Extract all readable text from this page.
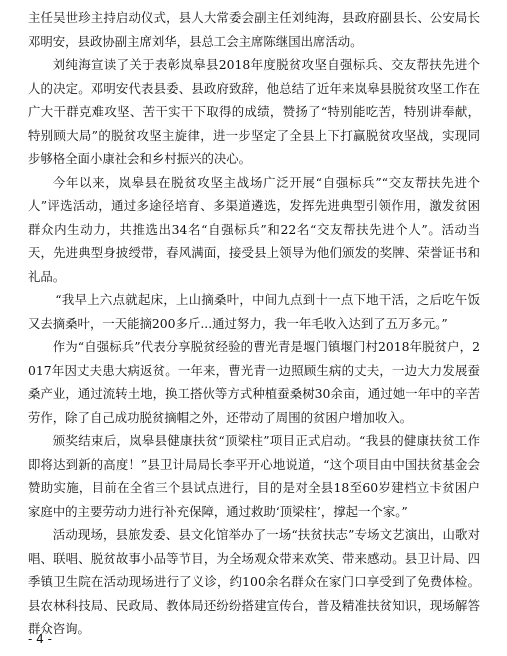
主任吴世珍主持启动仪式，县人大常委会副主任刘纯海，县政府副县长、公安局长邓明安，县政协副主席刘华，县总工会主席陈继国出席活动。

刘纯海宣读了关于表彰岚皋县2018年度脱贫攻坚自强标兵、交友帮扶先进个人的决定。邓明安代表县委、县政府致辞，他总结了近年来岚皋县脱贫攻坚工作在广大干群克难攻坚、苦干实干下取得的成绩，赞扬了“特别能吃苦，特别讲奉献，特别顾大局”的脱贫攻坚主旋律，进一步坚定了全县上下打赢脱贫攻坚战，实现同步够格全面小康社会和乡村振兴的决心。

今年以来，岚皋县在脱贫攻坚主战场广泛开展“自强标兵”“交友帮扶先进个人”评选活动，通过多途径培育、多渠道遴选，发挥先进典型引领作用，激发贫困群众内生动力，共推选出34名“自强标兵”和22名“交友帮扶先进个人”。活动当天，先进典型身披绶带，春风满面，接受县上领导为他们颁发的奖牌、荣誉证书和礼品。

“我早上六点就起床，上山摘桑叶，中间九点到十一点下地干活，之后吃午饭又去摘桑叶，一天能摘200多斤...通过努力，我一年毛收入达到了五万多元。”

作为“自强标兵”代表分享脱贫经验的曹光青是堰门镇堰门村2018年脱贫户，2017年因丈夫患大病返贫。一年来，曹光青一边照顾生病的丈夫，一边大力发展蚕桑产业，通过流转土地，换工搭伙等方式种植蚕桑树30余亩，通过她一年中的辛苦劳作，除了自己成功脱贫摘帽之外，还带动了周围的贫困户增加收入。

颁奖结束后，岚皋县健康扶贫“顶梁柱”项目正式启动。“我县的健康扶贫工作即将达到新的高度！”县卫计局局长李平开心地说道，“这个项目由中国扶贫基金会赞助实施，目前在全省三个县试点进行，目的是对全县18至60岁建档立卡贫困户家庭中的主要劳动力进行补充保障，通过救助‘顶梁柱’，撑起一个家。”

活动现场，县旅发委、县文化馆举办了一场“扶贫扶志”专场文艺演出，山歌对唱、联唱、脱贫故事小品等节目，为全场观众带来欢笑、带来感动。县卫计局、四季镇卫生院在活动现场进行了义诊，约100余名群众在家门口享受到了免费体检。县农林科技局、民政局、教体局还纷纷搭建宣传台，普及精准扶贫知识，现场解答群众咨询。

- 4 -
